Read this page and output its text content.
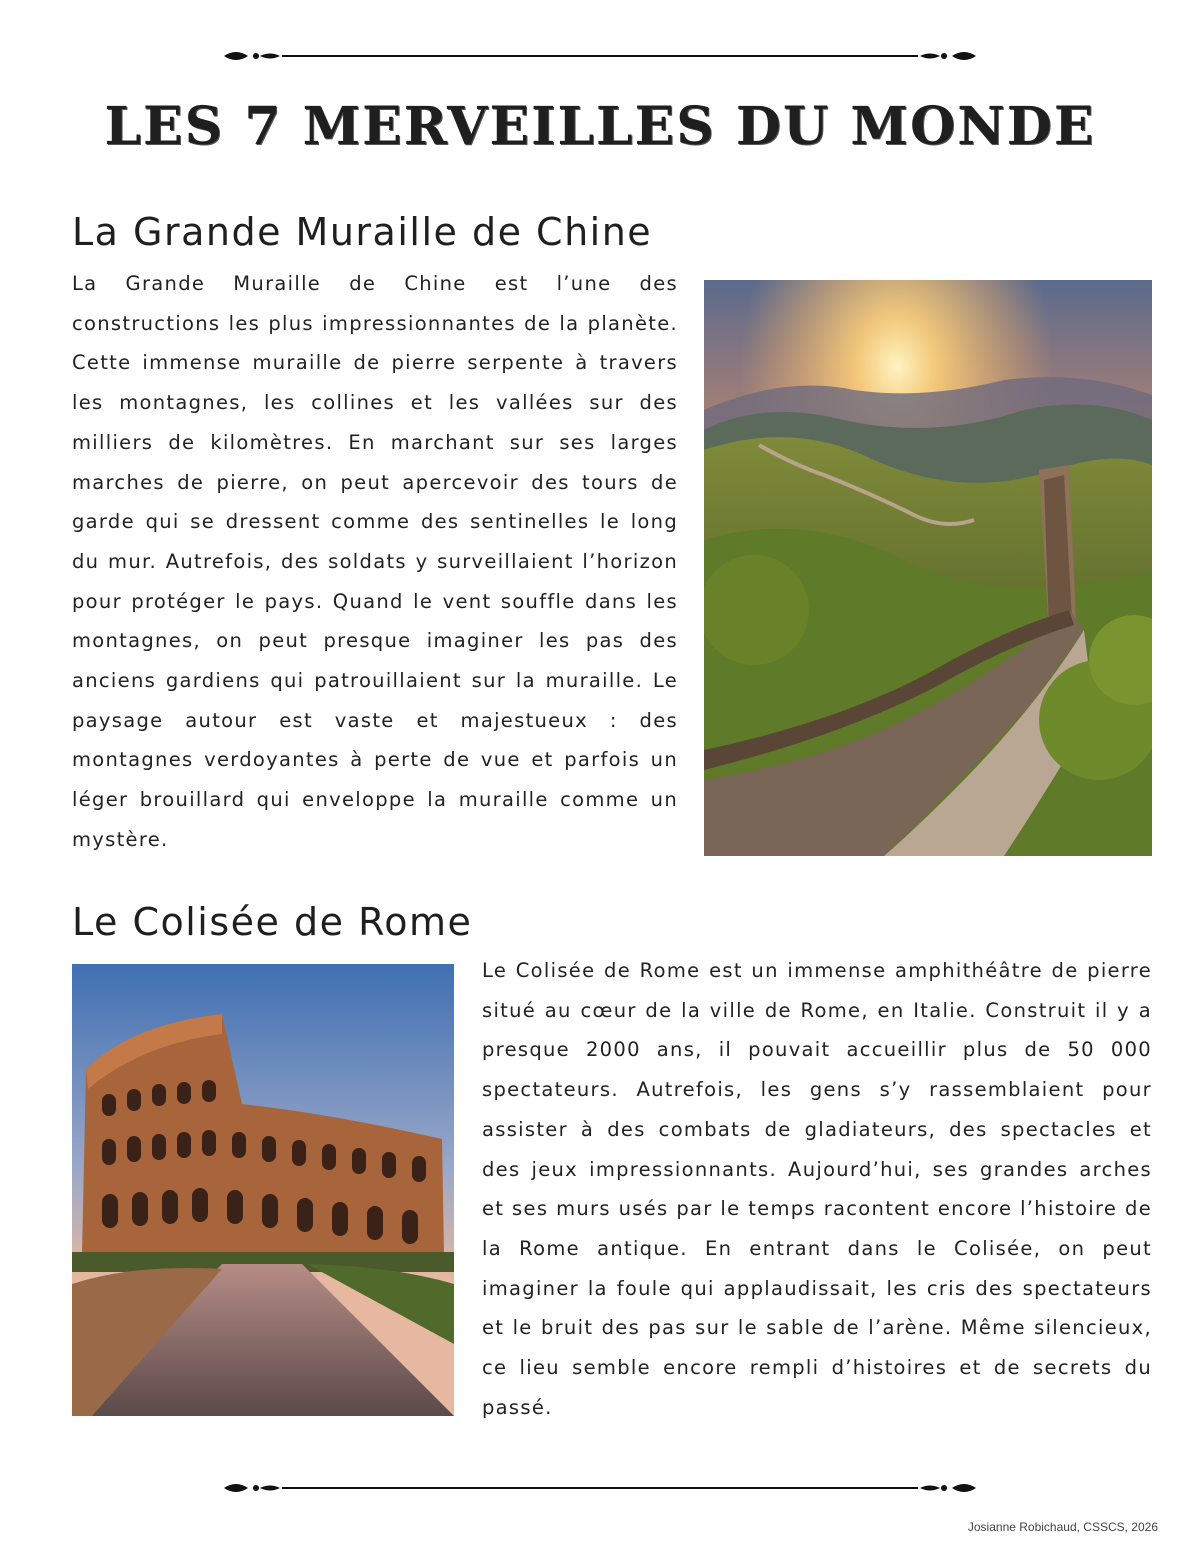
LES 7 MERVEILLES DU MONDE
La Grande Muraille de Chine

La Grande Muraille de Chine est l’une des constructions les plus impressionnantes de la planète. Cette immense muraille de pierre serpente à travers les montagnes, les collines et les vallées sur des milliers de kilomètres. En marchant sur ses larges marches de pierre, on peut apercevoir des tours de garde qui se dressent comme des sentinelles le long du mur. Autrefois, des soldats y surveillaient l’horizon pour protéger le pays. Quand le vent souffle dans les montagnes, on peut presque imaginer les pas des anciens gardiens qui patrouillaient sur la muraille. Le paysage autour est vaste et majestueux : des montagnes verdoyantes à perte de vue et parfois un léger brouillard qui enveloppe la muraille comme un mystère.

Le Colisée de Rome

Le Colisée de Rome est un immense amphithéâtre de pierre situé au cœur de la ville de Rome, en Italie. Construit il y a presque 2000 ans, il pouvait accueillir plus de 50 000 spectateurs. Autrefois, les gens s’y rassemblaient pour assister à des combats de gladiateurs, des spectacles et des jeux impressionnants. Aujourd’hui, ses grandes arches et ses murs usés par le temps racontent encore l’histoire de la Rome antique. En entrant dans le Colisée, on peut imaginer la foule qui applaudissait, les cris des spectateurs et le bruit des pas sur le sable de l’arène. Même silencieux, ce lieu semble encore rempli d’histoires et de secrets du passé.

Josianne Robichaud, CSSCS, 2026
